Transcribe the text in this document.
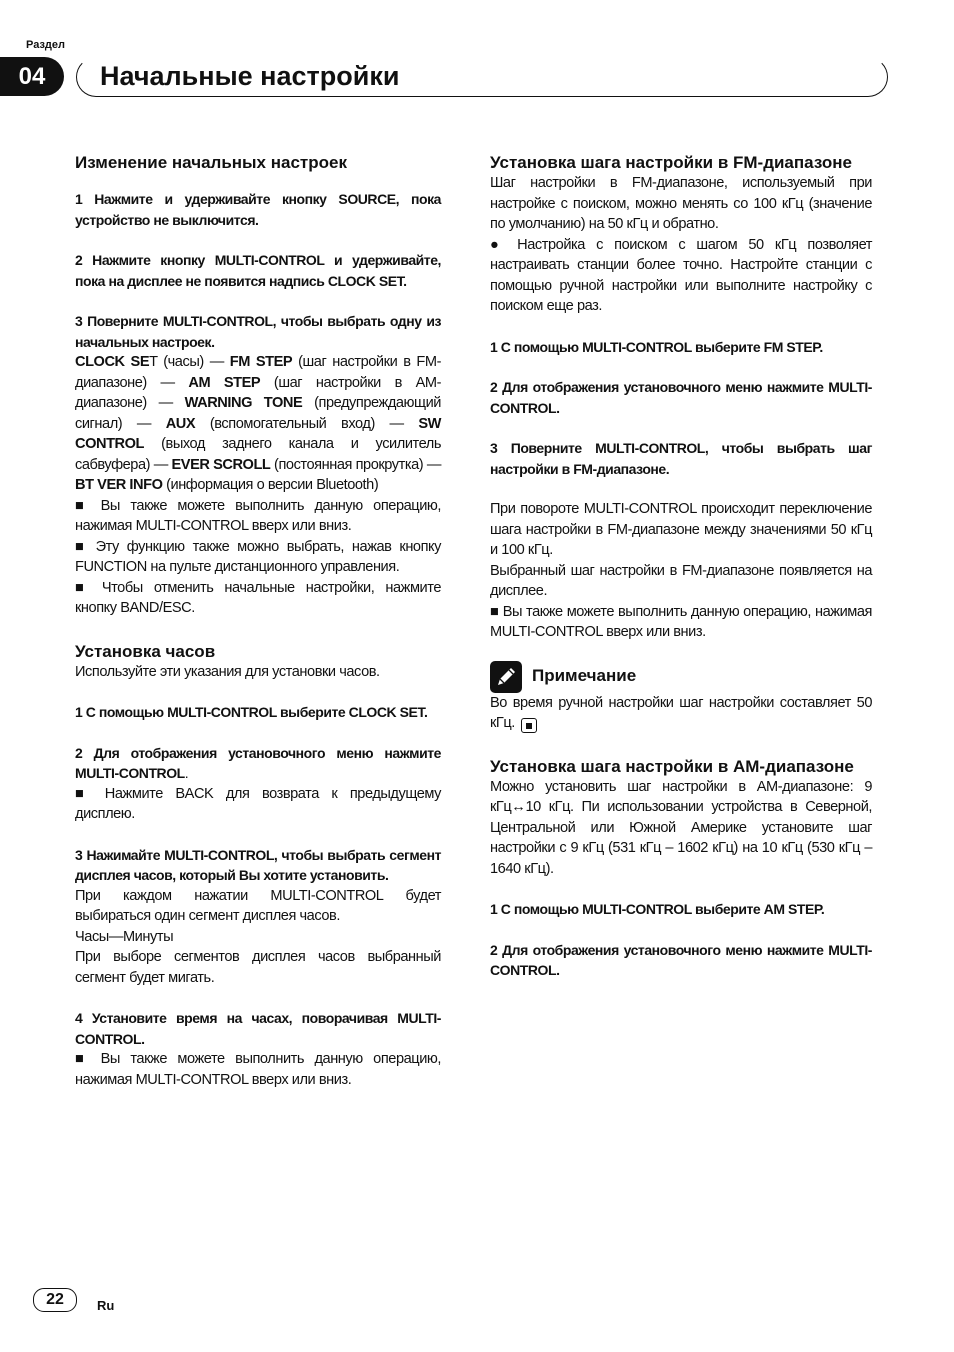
Раздел
04	Начальные настройки
Изменение начальных настроек
1 Нажмите и удерживайте кнопку SOURCE, пока устройство не выключится.
2 Нажмите кнопку MULTI-CONTROL и удерживайте, пока на дисплее не появится надпись CLOCK SET.
3 Поверните MULTI-CONTROL, чтобы выбрать одну из начальных настроек.
CLOCK SET (часы) — FM STEP (шаг настройки в FM-диапазоне) — AM STEP (шаг настройки в AM-диапазоне) — WARNING TONE (предупреждающий сигнал) — AUX (вспомогательный вход) — SW CONTROL (выход заднего канала и усилитель сабвуфера) — EVER SCROLL (постоянная прокрутка) — BT VER INFO (информация о версии Bluetooth)
■ Вы также можете выполнить данную операцию, нажимая MULTI-CONTROL вверх или вниз.
■ Эту функцию также можно выбрать, нажав кнопку FUNCTION на пульте дистанционного управления.
■ Чтобы отменить начальные настройки, нажмите кнопку BAND/ESC.
Установка часов
Используйте эти указания для установки часов.
1 С помощью MULTI-CONTROL выберите CLOCK SET.
2 Для отображения установочного меню нажмите MULTI-CONTROL.
■ Нажмите BACK для возврата к предыдущему дисплею.
3 Нажимайте MULTI-CONTROL, чтобы выбрать сегмент дисплея часов, который Вы хотите установить.
При каждом нажатии MULTI-CONTROL будет выбираться один сегмент дисплея часов.
Часы—Минуты
При выборе сегментов дисплея часов выбранный сегмент будет мигать.
4 Установите время на часах, поворачивая MULTI-CONTROL.
■ Вы также можете выполнить данную операцию, нажимая MULTI-CONTROL вверх или вниз.
Установка шага настройки в FM-диапазоне
Шаг настройки в FM-диапазоне, используемый при настройке с поиском, можно менять со 100 кГц (значение по умолчанию) на 50 кГц и обратно.
● Настройка с поиском с шагом 50 кГц позволяет настраивать станции более точно. Настройте станции с помощью ручной настройки или выполните настройку с поиском еще раз.
1 С помощью MULTI-CONTROL выберите FM STEP.
2 Для отображения установочного меню нажмите MULTI-CONTROL.
3 Поверните MULTI-CONTROL, чтобы выбрать шаг настройки в FM-диапазоне.
При повороте MULTI-CONTROL происходит переключение шага настройки в FM-диапазоне между значениями 50 кГц и 100 кГц.
Выбранный шаг настройки в FM-диапазоне появляется на дисплее.
■ Вы также можете выполнить данную операцию, нажимая MULTI-CONTROL вверх или вниз.
Примечание
Во время ручной настройки шаг настройки составляет 50 кГц.
Установка шага настройки в AM-диапазоне
Можно установить шаг настройки в AM-диапазоне: 9 кГц↔10 кГц. Пи использовании устройства в Северной, Центральной или Южной Америке установите шаг настройки с 9 кГц (531 кГц – 1602 кГц) на 10 кГц (530 кГц – 1640 кГц).
1 С помощью MULTI-CONTROL выберите AM STEP.
2 Для отображения установочного меню нажмите MULTI-CONTROL.
22	Ru
